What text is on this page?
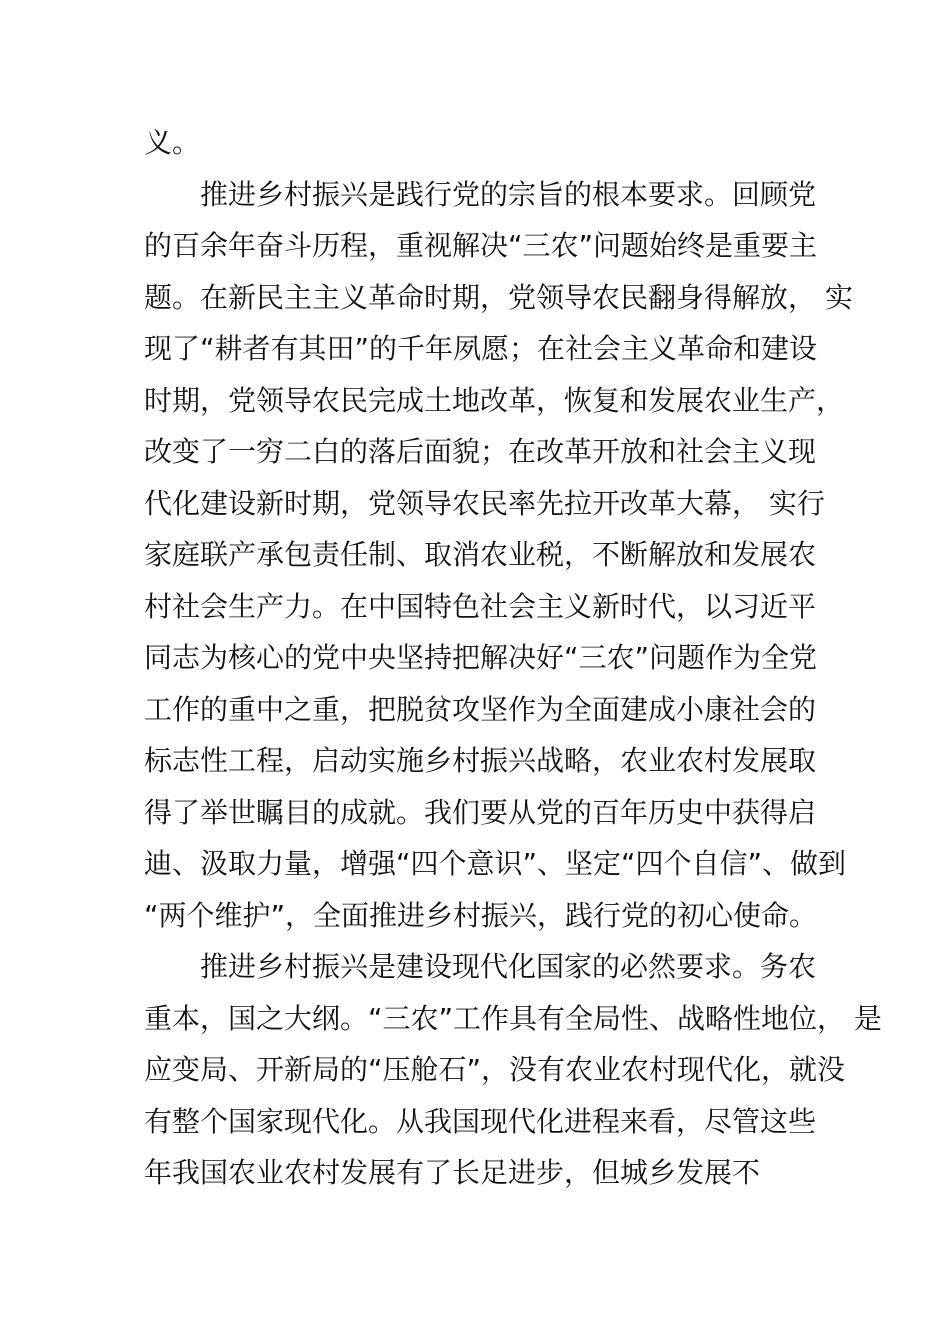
义。
推进乡村振兴是践行党的宗旨的根本要求。回顾党
的百余年奋斗历程，重视解决“三农”问题始终是重要主
题。在新民主主义革命时期，党领导农民翻身得解放， 实
现了“耕者有其田”的千年夙愿；在社会主义革命和建设
时期，党领导农民完成土地改革，恢复和发展农业生产，
改变了一穷二白的落后面貌；在改革开放和社会主义现
代化建设新时期，党领导农民率先拉开改革大幕， 实行
家庭联产承包责任制、取消农业税，不断解放和发展农
村社会生产力。在中国特色社会主义新时代，以习近平
同志为核心的党中央坚持把解决好“三农”问题作为全党
工作的重中之重，把脱贫攻坚作为全面建成小康社会的
标志性工程，启动实施乡村振兴战略，农业农村发展取
得了举世瞩目的成就。我们要从党的百年历史中获得启
迪、汲取力量，增强“四个意识”、坚定“四个自信”、做到
“两个维护”，全面推进乡村振兴，践行党的初心使命。
推进乡村振兴是建设现代化国家的必然要求。务农
重本，国之大纲。“三农”工作具有全局性、战略性地位， 是
应变局、开新局的“压舱石”，没有农业农村现代化，就没
有整个国家现代化。从我国现代化进程来看，尽管这些
年我国农业农村发展有了长足进步，但城乡发展不
